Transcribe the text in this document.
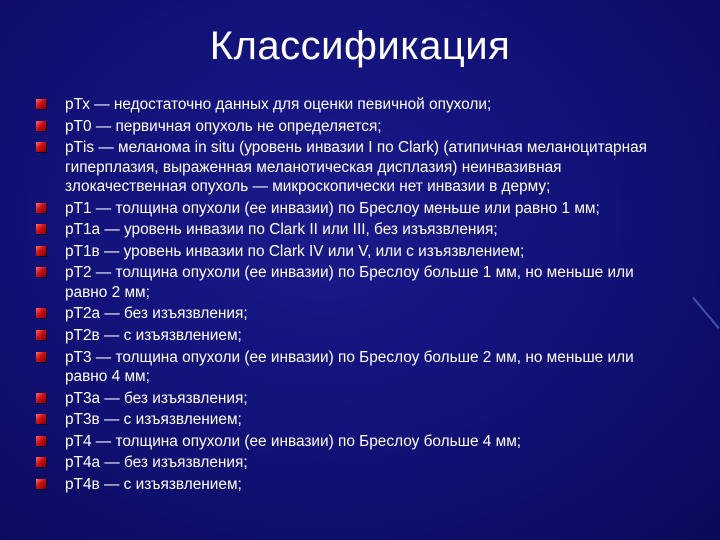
Классификация
рТх — недостаточно данных для оценки певичной опухоли;
рТ0 — первичная опухоль не определяется;
рТis — меланома in situ (уровень инвазии I по Clark) (атипичная меланоцитарная гиперплазия, выраженная меланотическая дисплазия) неинвазивная злокачественная опухоль — микроскопически нет инвазии в дерму;
рТ1 — толщина опухоли (ее инвазии) по Бреслоу меньше или равно 1 мм;
рТ1а — уровень инвазии по Clark II или III, без изъязвления;
рТ1в — уровень инвазии по Clark IV или V, или с изъязвлением;
рТ2 — толщина опухоли (ее инвазии) по Бреслоу больше 1 мм, но меньше или равно 2 мм;
рТ2а — без изъязвления;
рТ2в — с изъязвлением;
рТ3 — толщина опухоли (ее инвазии) по Бреслоу больше 2 мм, но меньше или равно 4 мм;
рТ3а — без изъязвления;
рТ3в — с изъязвлением;
рТ4 — толщина опухоли (ее инвазии) по Бреслоу больше 4 мм;
рТ4а — без изъязвления;
рТ4в — с изъязвлением;
